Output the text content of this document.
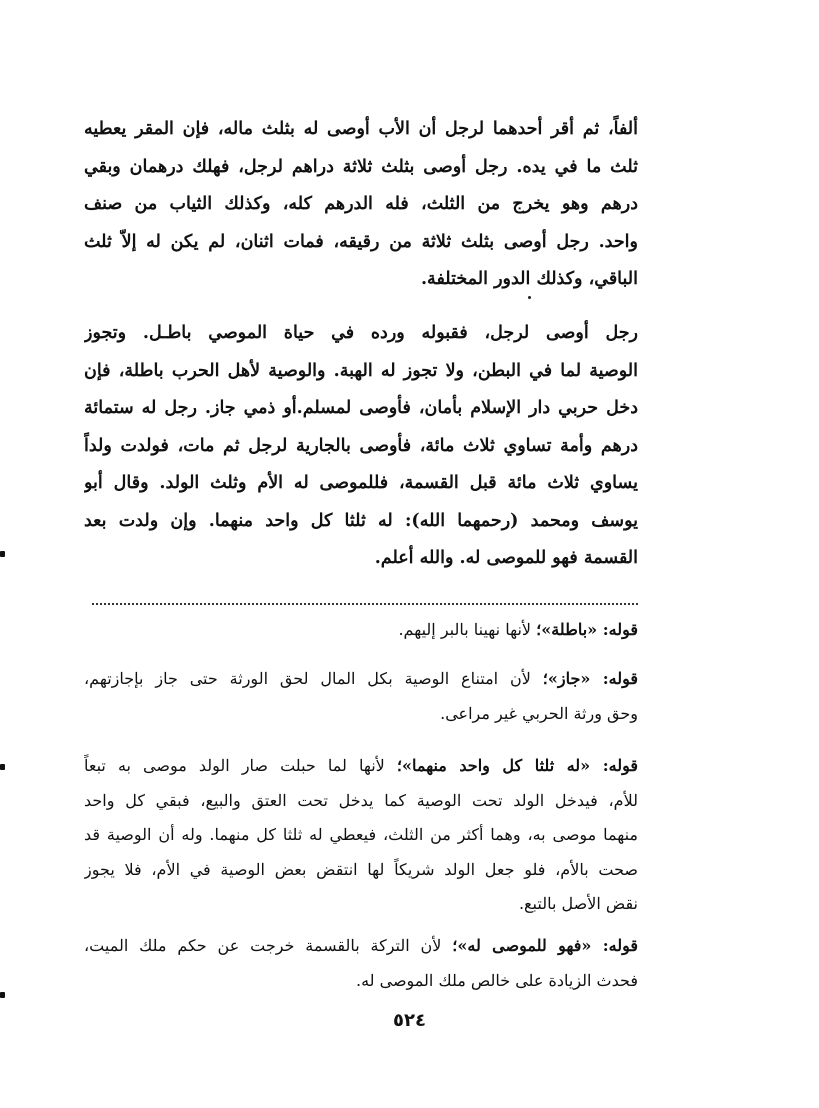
ألفاً، ثم أقر أحدهما لرجل أن الأب أوصى له بثلث ماله، فإن المقر يعطيه
ثلث ما في يده. رجل أوصى بثلث ثلاثة دراهم لرجل، فهلك درهمان وبقي
درهم وهو يخرج من الثلث، فله الدرهم كله، وكذلك الثياب من صنف
واحد. رجل أوصى بثلث ثلاثة من رقيقه، فمات اثنان، لم يكن له إلاّ ثلث
الباقي، وكذلك الدور المختلفة.
رجل أوصى لرجل، فقبوله ورده في حياة الموصي باطـل. وتجوز
الوصية لما في البطن، ولا تجوز له الهبة. والوصية لأهل الحرب باطلة، فإن
دخل حربي دار الإسلام بأمان، فأوصى لمسلم.أو ذمي جاز. رجل له ستمائة
درهم وأمة تساوي ثلاث مائة، فأوصى بالجارية لرجل ثم مات، فولدت ولداً
يساوي ثلاث مائة قبل القسمة، فللموصى له الأم وثلث الولد. وقال أبو
يوسف ومحمد (رحمهما الله): له ثلثا كل واحد منهما. وإن ولدت بعد
القسمة فهو للموصى له. والله أعلم.
قوله: «باطلة»؛ لأنها نهينا بالبر إليهم.
قوله: «جاز»؛ لأن امتناع الوصية بكل المال لحق الورثة حتى جاز بإجازتهم،
وحق ورثة الحربي غير مراعى.
قوله: «له ثلثا كل واحد منهما»؛ لأنها لما حبلت صار الولد موصى به تبعاً
للأم، فيدخل الولد تحت الوصية كما يدخل تحت العتق والبيع، فبقي كل واحد
منهما موصى به، وهما أكثر من الثلث، فيعطي له ثلثا كل منهما. وله أن الوصية قد
صحت بالأم، فلو جعل الولد شريكاً لها انتقض بعض الوصية في الأم، فلا يجوز
نقض الأصل بالتبع.
قوله: «فهو للموصى له»؛ لأن التركة بالقسمة خرجت عن حكم ملك الميت،
فحدث الزيادة على خالص ملك الموصى له.
٥٢٤
